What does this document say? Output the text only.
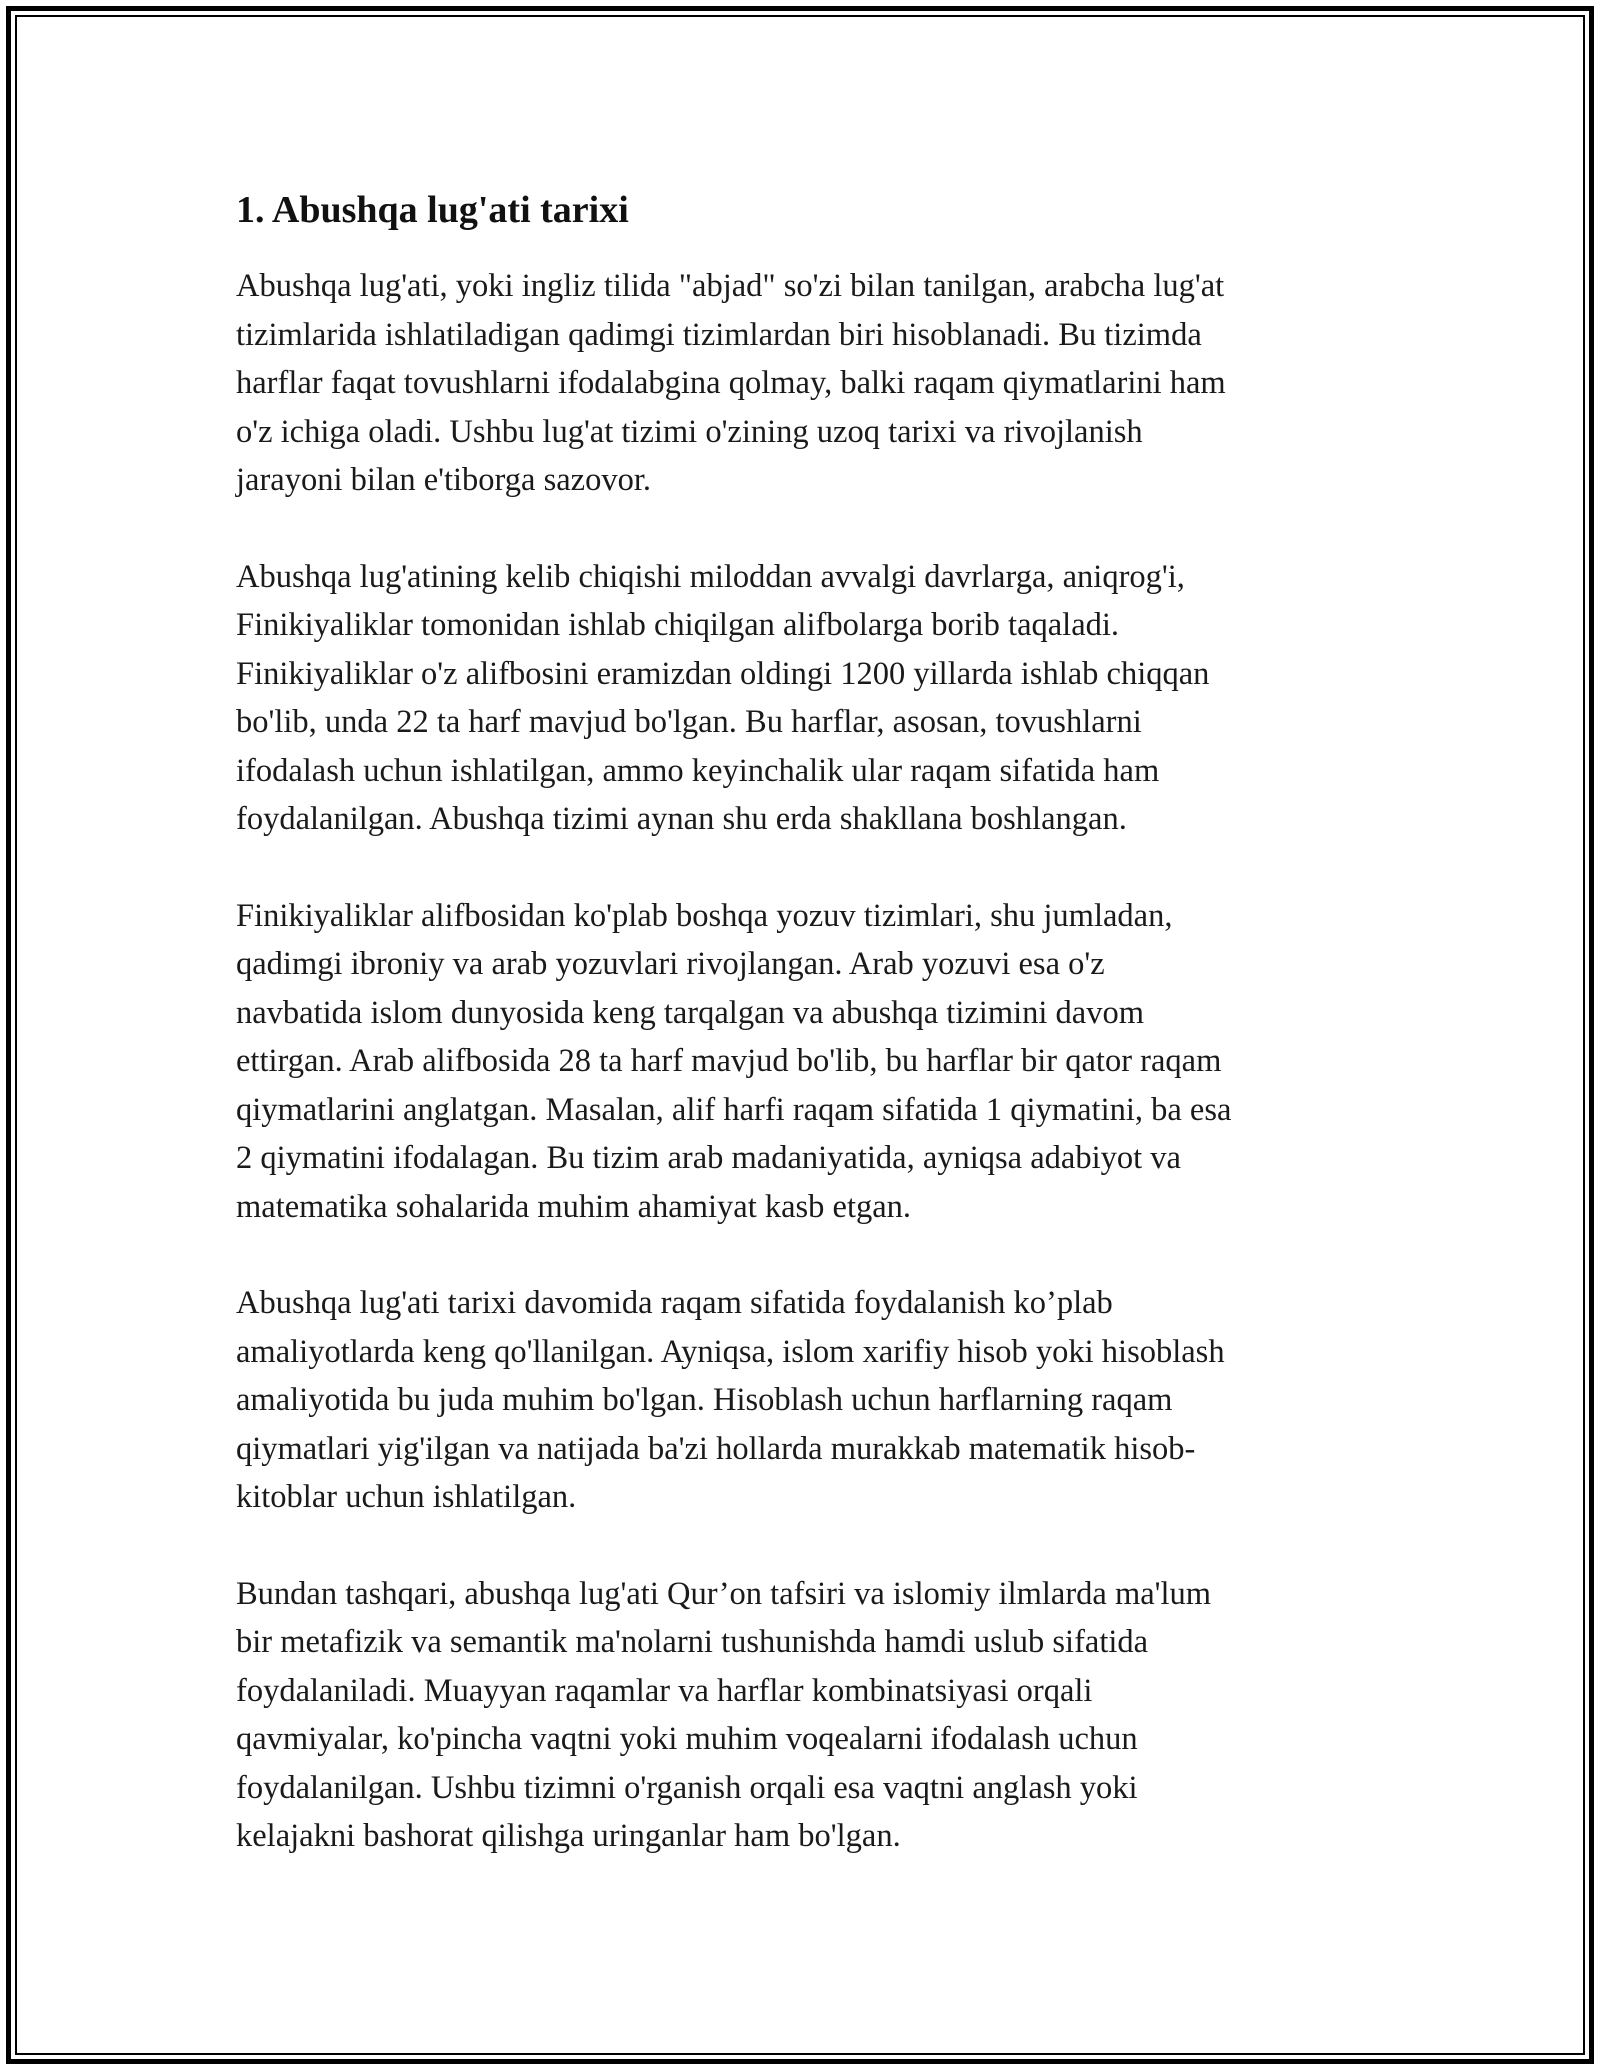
1. Abushqa lug'ati tarixi

Abushqa lug'ati, yoki ingliz tilida "abjad" so'zi bilan tanilgan, arabcha lug'at
tizimlarida ishlatiladigan qadimgi tizimlardan biri hisoblanadi. Bu tizimda
harflar faqat tovushlarni ifodalabgina qolmay, balki raqam qiymatlarini ham
o'z ichiga oladi. Ushbu lug'at tizimi o'zining uzoq tarixi va rivojlanish
jarayoni bilan e'tiborga sazovor.

Abushqa lug'atining kelib chiqishi miloddan avvalgi davrlarga, aniqrog'i,
Finikiyaliklar tomonidan ishlab chiqilgan alifbolarga borib taqaladi.
Finikiyaliklar o'z alifbosini eramizdan oldingi 1200 yillarda ishlab chiqqan
bo'lib, unda 22 ta harf mavjud bo'lgan. Bu harflar, asosan, tovushlarni
ifodalash uchun ishlatilgan, ammo keyinchalik ular raqam sifatida ham
foydalanilgan. Abushqa tizimi aynan shu erda shakllana boshlangan.

Finikiyaliklar alifbosidan ko'plab boshqa yozuv tizimlari, shu jumladan,
qadimgi ibroniy va arab yozuvlari rivojlangan. Arab yozuvi esa o'z
navbatida islom dunyosida keng tarqalgan va abushqa tizimini davom
ettirgan. Arab alifbosida 28 ta harf mavjud bo'lib, bu harflar bir qator raqam
qiymatlarini anglatgan. Masalan, alif harfi raqam sifatida 1 qiymatini, ba esa
2 qiymatini ifodalagan. Bu tizim arab madaniyatida, ayniqsa adabiyot va
matematika sohalarida muhim ahamiyat kasb etgan.

Abushqa lug'ati tarixi davomida raqam sifatida foydalanish ko’plab
amaliyotlarda keng qo'llanilgan. Ayniqsa, islom xarifiy hisob yoki hisoblash
amaliyotida bu juda muhim bo'lgan. Hisoblash uchun harflarning raqam
qiymatlari yig'ilgan va natijada ba'zi hollarda murakkab matematik hisob-
kitoblar uchun ishlatilgan.

Bundan tashqari, abushqa lug'ati Qur’on tafsiri va islomiy ilmlarda ma'lum
bir metafizik va semantik ma'nolarni tushunishda hamdi uslub sifatida
foydalaniladi. Muayyan raqamlar va harflar kombinatsiyasi orqali
qavmiyalar, ko'pincha vaqtni yoki muhim voqealarni ifodalash uchun
foydalanilgan. Ushbu tizimni o'rganish orqali esa vaqtni anglash yoki
kelajakni bashorat qilishga uringanlar ham bo'lgan.
